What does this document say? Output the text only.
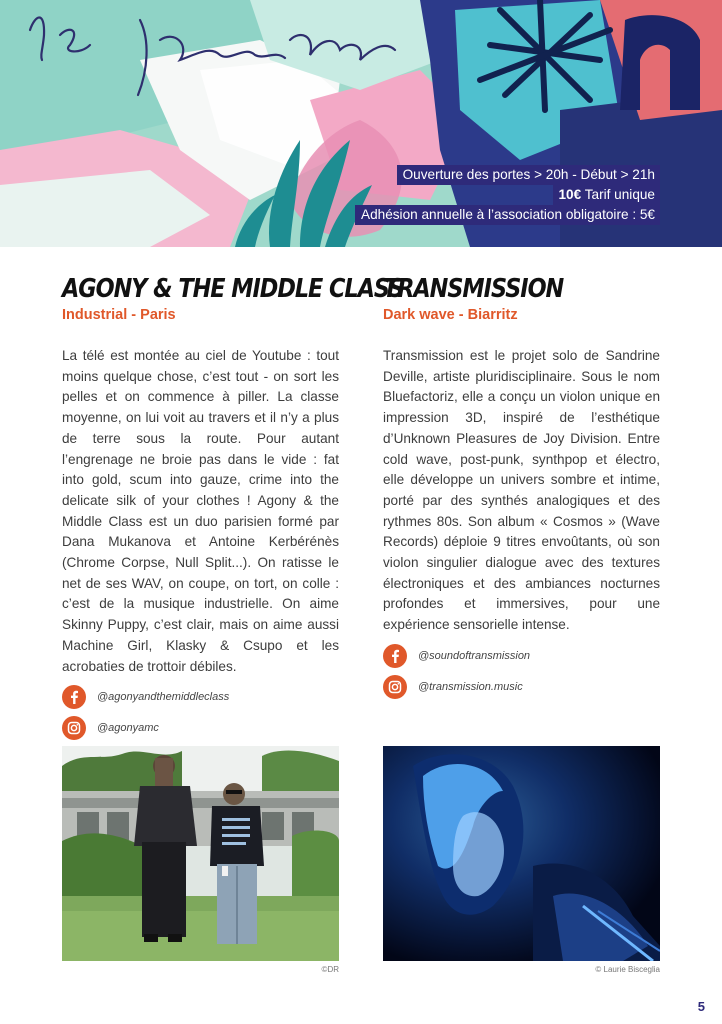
Ouverture des portes > 20h - Début > 21h
10€ Tarif unique
Adhésion annuelle à l’association obligatoire : 5€
AGONY & THE MIDDLE CLASS
Industrial - Paris
La télé est montée au ciel de Youtube : tout moins quelque chose, c’est tout - on sort les pelles et on commence à piller. La classe moyenne, on lui voit au travers et il n’y a plus de terre sous la route. Pour autant l’engrenage ne broie pas dans le vide : fat into gold, scum into gauze, crime into the delicate silk of your clothes ! Agony & the Middle Class est un duo parisien formé par Dana Mukanova et Antoine Kerbérénès (Chrome Corpse, Null Split...). On ratisse le net de ses WAV, on coupe, on tort, on colle : c’est de la musique industrielle. On aime Skinny Puppy, c’est clair, mais on aime aussi Machine Girl, Klasky & Csupo et les acrobaties de trottoir débiles.
@agonyandthemiddleclass
@agonyamc
TRANSMISSION
Dark wave - Biarritz
Transmission est le projet solo de Sandrine Deville, artiste pluridisciplinaire. Sous le nom Bluefactoriz, elle a conçu un violon unique en impression 3D, inspiré de l’esthétique d’Unknown Pleasures de Joy Division. Entre cold wave, post-punk, synthpop et électro, elle développe un univers sombre et intime, porté par des synthés analogiques et des rythmes 80s. Son album « Cosmos » (Wave Records) déploie 9 titres envoûtants, où son violon singulier dialogue avec des textures électroniques et des ambiances nocturnes profondes et immersives, pour une expérience sensorielle intense.
@soundoftransmission
@transmission.music
©DR	© Laurie Bisceglia
5
